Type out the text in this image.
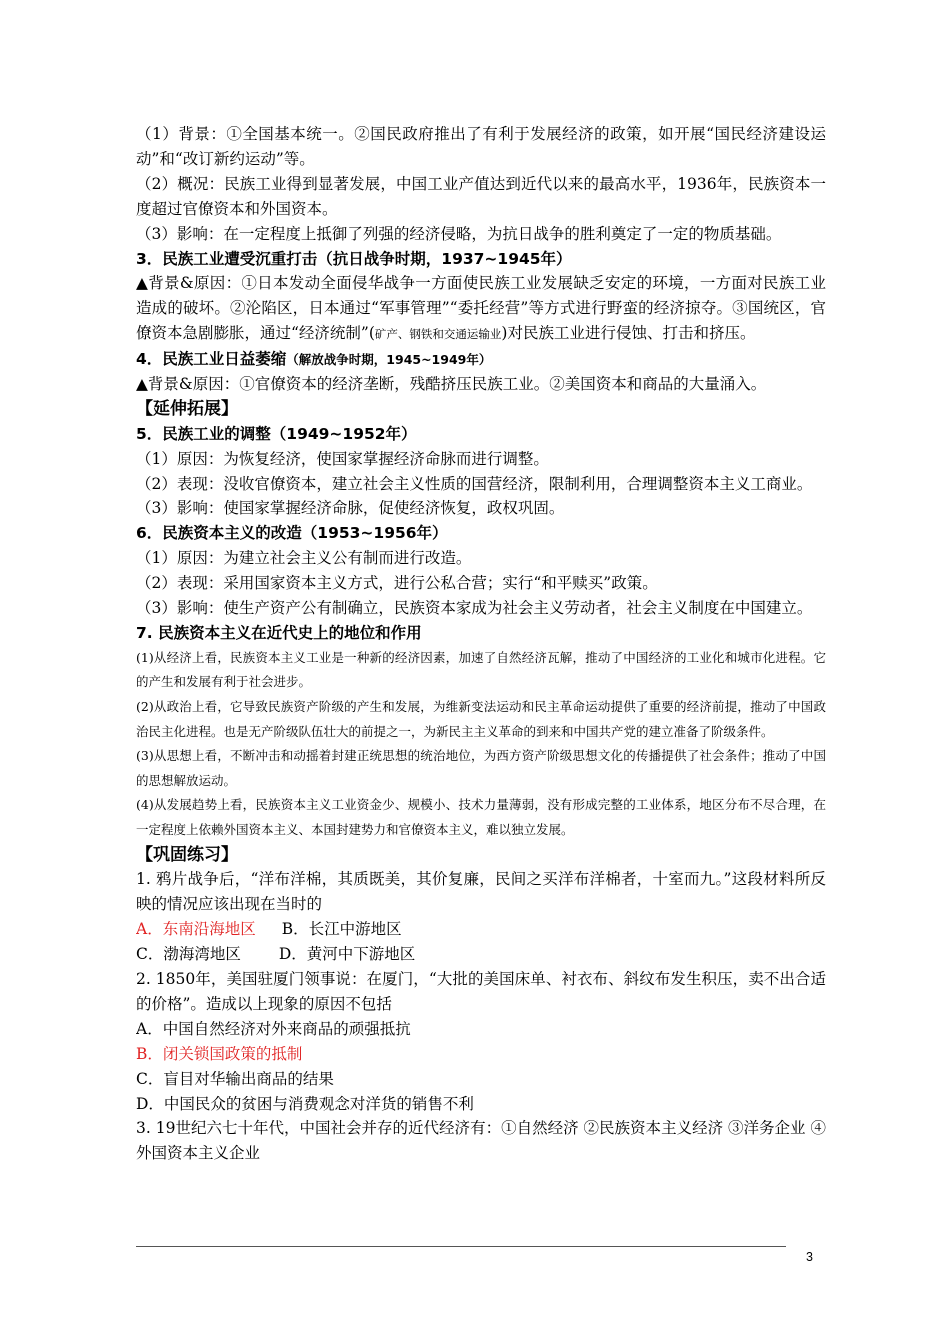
（1）背景：①全国基本统一。②国民政府推出了有利于发展经济的政策，如开展“国民经济建设运动”和“改订新约运动”等。
（2）概况：民族工业得到显著发展，中国工业产值达到近代以来的最高水平，1936年，民族资本一度超过官僚资本和外国资本。
（3）影响：在一定程度上抵御了列强的经济侵略，为抗日战争的胜利奠定了一定的物质基础。
3．民族工业遭受沉重打击（抗日战争时期，1937~1945年）
▲背景&原因：①日本发动全面侵华战争一方面使民族工业发展缺乏安定的环境，一方面对民族工业造成的破坏。②沦陷区，日本通过“军事管理”“委托经营”等方式进行野蛮的经济掠夺。③国统区，官僚资本急剧膨胀，通过“经济统制”(矿产、钢铁和交通运输业)对民族工业进行侵蚀、打击和挤压。
4．民族工业日益萎缩（解放战争时期，1945~1949年）
▲背景&原因：①官僚资本的经济垄断，残酷挤压民族工业。②美国资本和商品的大量涌入。
【延伸拓展】
5．民族工业的调整（1949~1952年）
（1）原因：为恢复经济，使国家掌握经济命脉而进行调整。
（2）表现：没收官僚资本，建立社会主义性质的国营经济，限制利用，合理调整资本主义工商业。
（3）影响：使国家掌握经济命脉，促使经济恢复，政权巩固。
6．民族资本主义的改造（1953~1956年）
（1）原因：为建立社会主义公有制而进行改造。
（2）表现：采用国家资本主义方式，进行公私合营；实行“和平赎买”政策。
（3）影响：使生产资产公有制确立，民族资本家成为社会主义劳动者，社会主义制度在中国建立。
7. 民族资本主义在近代史上的地位和作用
(1)从经济上看，民族资本主义工业是一种新的经济因素，加速了自然经济瓦解，推动了中国经济的工业化和城市化进程。它的产生和发展有利于社会进步。
(2)从政治上看，它导致民族资产阶级的产生和发展，为维新变法运动和民主革命运动提供了重要的经济前提，推动了中国政治民主化进程。也是无产阶级队伍壮大的前提之一，为新民主主义革命的到来和中国共产党的建立准备了阶级条件。
(3)从思想上看，不断冲击和动摇着封建正统思想的统治地位，为西方资产阶级思想文化的传播提供了社会条件；推动了中国的思想解放运动。
(4)从发展趋势上看，民族资本主义工业资金少、规模小、技术力量薄弱，没有形成完整的工业体系，地区分布不尽合理，在一定程度上依赖外国资本主义、本国封建势力和官僚资本主义，难以独立发展。
【巩固练习】
1. 鸦片战争后，“洋布洋棉，其质既美，其价复廉，民间之买洋布洋棉者，十室而九。”这段材料所反映的情况应该出现在当时的
A．东南沿海地区 B．长江中游地区
C．渤海湾地区 D．黄河中下游地区
2. 1850年，美国驻厦门领事说：在厦门，“大批的美国床单、衬衣布、斜纹布发生积压，卖不出合适的价格”。造成以上现象的原因不包括
A．中国自然经济对外来商品的顽强抵抗
B．闭关锁国政策的抵制
C．盲目对华输出商品的结果
D．中国民众的贫困与消费观念对洋货的销售不利
3. 19世纪六七十年代，中国社会并存的近代经济有：①自然经济 ②民族资本主义经济 ③洋务企业 ④外国资本主义企业
3
